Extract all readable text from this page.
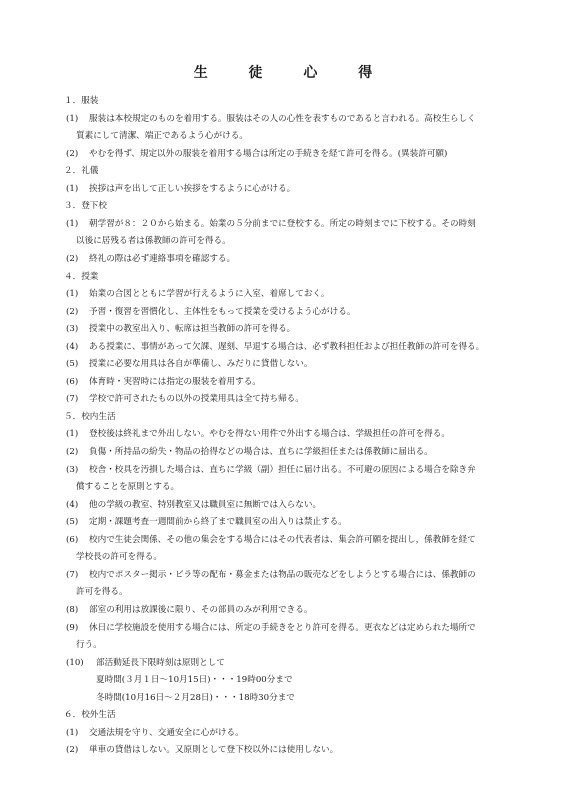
生 徒 心 得
１．服装
(1) 服装は本校規定のものを着用する。服装はその人の心性を表すものであると言われる。高校生らしく
質素にして清潔、端正であるよう心がける。
(2) やむを得ず、規定以外の服装を着用する場合は所定の手続きを経て許可を得る。(異装許可願)
２．礼儀
(1) 挨拶は声を出して正しい挨拶をするように心がける。
３．登下校
(1) 朝学習が８：２０から始まる。始業の５分前までに登校する。所定の時刻までに下校する。その時刻
以後に居残る者は係教師の許可を得る。
(2) 終礼の際は必ず連絡事項を確認する。
４．授業
(1) 始業の合図とともに学習が行えるように入室、着席しておく。
(2) 予習・復習を習慣化し、主体性をもって授業を受けるよう心がける。
(3) 授業中の教室出入り、転席は担当教師の許可を得る。
(4) ある授業に、事情があって欠課、遅刻、早退する場合は、必ず教科担任および担任教師の許可を得る。
(5) 授業に必要な用具は各自が準備し、みだりに貸借しない。
(6) 体育時・実習時には指定の服装を着用する。
(7) 学校で許可されたもの以外の授業用具は全て持ち帰る。
５．校内生活
(1) 登校後は終礼まで外出しない。やむを得ない用件で外出する場合は、学級担任の許可を得る。
(2) 負傷・所持品の紛失・物品の拾得などの場合は、直ちに学級担任または係教師に届出る。
(3) 校舎・校具を汚損した場合は、直ちに学級（副）担任に届け出る。不可避の原因による場合を除き弁
償することを原則とする。
(4) 他の学級の教室、特別教室又は職員室に無断では入らない。
(5) 定期・課題考査一週間前から終了まで職員室の出入りは禁止する。
(6) 校内で生徒会関係、その他の集会をする場合にはその代表者は、集会許可願を提出し，係教師を経て
学校長の許可を得る。
(7) 校内でポスター掲示・ビラ等の配布・募金または物品の販売などをしようとする場合には、係教師の
許可を得る。
(8) 部室の利用は放課後に限り、その部員のみが利用できる。
(9) 休日に学校施設を使用する場合には、所定の手続きをとり許可を得る。更衣などは定められた場所で
行う。
(10) 部活動延長下限時刻は原則として
夏時間(３月１日～10月15日)・・・19時00分まで
冬時間(10月16日～２月28日)・・・18時30分まで
６．校外生活
(1) 交通法規を守り、交通安全に心がける。
(2) 単車の貸借はしない。又原則として登下校以外には使用しない。
